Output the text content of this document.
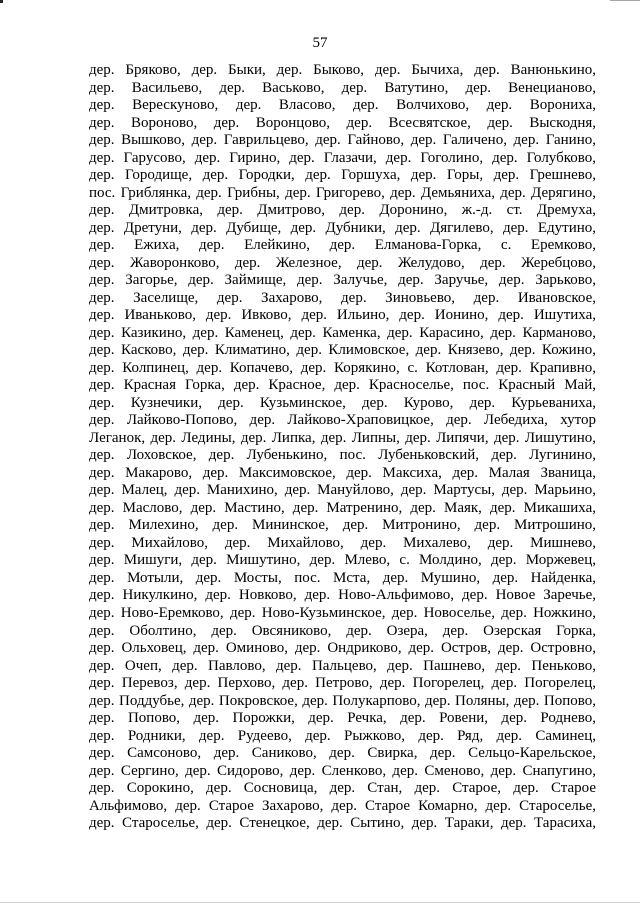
57
дер. Бряково, дер. Быки, дер. Быково, дер. Бычиха, дер. Ванюнькино,
дер. Васильево, дер. Васьково, дер. Ватутино, дер. Венецианово,
дер. Верескуново, дер. Власово, дер. Волчихово, дер. Ворониха,
дер. Вороново, дер. Воронцово, дер. Всесвятское, дер. Выскодня,
дер. Вышково, дер. Гаврильцево, дер. Гайново, дер. Галичено, дер. Ганино,
дер. Гарусово, дер. Гирино, дер. Глазачи, дер. Гоголино, дер. Голубково,
дер. Городище, дер. Городки, дер. Горшуха, дер. Горы, дер. Грешнево,
пос. Гриблянка, дер. Грибны, дер. Григорево, дер. Демьяниха, дер. Дерягино,
дер. Дмитровка, дер. Дмитрово, дер. Доронино, ж.-д. ст. Дремуха,
дер. Дретуни, дер. Дубище, дер. Дубники, дер. Дягилево, дер. Едутино,
дер. Ежиха, дер. Елейкино, дер. Елманова-Горка, с. Еремково,
дер. Жаворонково, дер. Железное, дер. Желудово, дер. Жеребцово,
дер. Загорье, дер. Займище, дер. Залучье, дер. Заручье, дер. Зарьково,
дер. Заселище, дер. Захарово, дер. Зиновьево, дер. Ивановское,
дер. Иваньково, дер. Ивково, дер. Ильино, дер. Ионино, дер. Ишутиха,
дер. Казикино, дер. Каменец, дер. Каменка, дер. Карасино, дер. Карманово,
дер. Касково, дер. Климатино, дер. Климовское, дер. Князево, дер. Кожино,
дер. Колпинец, дер. Копачево, дер. Корякино, с. Котлован, дер. Крапивно,
дер. Красная Горка, дер. Красное, дер. Красноселье, пос. Красный Май,
дер. Кузнечики, дер. Кузьминское, дер. Курово, дер. Курьеваниха,
дер. Лайково-Попово, дер. Лайково-Храповицкое, дер. Лебедиха, хутор
Леганок, дер. Ледины, дер. Липка, дер. Липны, дер. Липячи, дер. Лишутино,
дер. Лоховское, дер. Лубенькино, пос. Лубеньковский, дер. Лугинино,
дер. Макарово, дер. Максимовское, дер. Максиха, дер. Малая Званица,
дер. Малец, дер. Манихино, дер. Мануйлово, дер. Мартусы, дер. Марьино,
дер. Маслово, дер. Мастино, дер. Матренино, дер. Маяк, дер. Микашиха,
дер. Милехино, дер. Мининское, дер. Митронино, дер. Митрошино,
дер. Михайлово, дер. Михайлово, дер. Михалево, дер. Мишнево,
дер. Мишуги, дер. Мишутино, дер. Млево, с. Молдино, дер. Моржевец,
дер. Мотыли, дер. Мосты, пос. Мста, дер. Мушино, дер. Найденка,
дер. Никулкино, дер. Новково, дер. Ново-Альфимово, дер. Новое Заречье,
дер. Ново-Еремково, дер. Ново-Кузьминское, дер. Новоселье, дер. Ножкино,
дер. Оболтино, дер. Овсяниково, дер. Озера, дер. Озерская Горка,
дер. Ольховец, дер. Оминово, дер. Ондриково, дер. Остров, дер. Островно,
дер. Очеп, дер. Павлово, дер. Пальцево, дер. Пашнево, дер. Пеньково,
дер. Перевоз, дер. Перхово, дер. Петрово, дер. Погорелец, дер. Погорелец,
дер. Поддубье, дер. Покровское, дер. Полукарпово, дер. Поляны, дер. Попово,
дер. Попово, дер. Порожки, дер. Речка, дер. Ровени, дер. Роднево,
дер. Родники, дер. Рудеево, дер. Рыжково, дер. Ряд, дер. Саминец,
дер. Самсоново, дер. Саниково, дер. Свирка, дер. Сельцо-Карельское,
дер. Сергино, дер. Сидорово, дер. Сленково, дер. Сменово, дер. Снапугино,
дер. Сорокино, дер. Сосновица, дер. Стан, дер. Старое, дер. Старое
Альфимово, дер. Старое Захарово, дер. Старое Комарно, дер. Староселье,
дер. Староселье, дер. Стенецкое, дер. Сытино, дер. Тараки, дер. Тарасиха,
